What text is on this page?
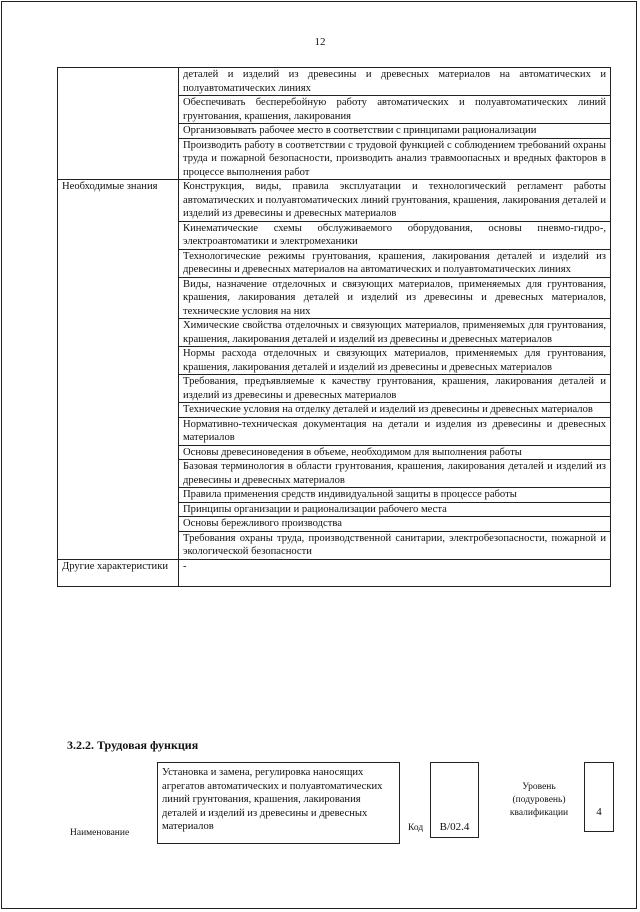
12
	деталей и изделий из древесины и древесных материалов на автоматических и полуавтоматических линиях
	Обеспечивать бесперебойную работу автоматических и полуавтоматических линий грунтования, крашения, лакирования
	Организовывать рабочее место в соответствии с принципами рационализации
	Производить работу в соответствии с трудовой функцией с соблюдением требований охраны труда и пожарной безопасности, производить анализ травмоопасных и вредных факторов в процессе выполнения работ
Необходимые знания	Конструкция, виды, правила эксплуатации и технологический регламент работы автоматических и полуавтоматических линий грунтования, крашения, лакирования деталей и изделий из древесины и древесных материалов
	Кинематические схемы обслуживаемого оборудования, основы пневмо-гидро-, электроавтоматики и электромеханики
	Технологические режимы грунтования, крашения, лакирования деталей и изделий из древесины и древесных материалов на автоматических и полуавтоматических линиях
	Виды, назначение отделочных и связующих материалов, применяемых для грунтования, крашения, лакирования деталей и изделий из древесины и древесных материалов, технические условия на них
	Химические свойства отделочных и связующих материалов, применяемых для грунтования, крашения, лакирования деталей и изделий из древесины и древесных материалов
	Нормы расхода отделочных и связующих материалов, применяемых для грунтования, крашения, лакирования деталей и изделий из древесины и древесных материалов
	Требования, предъявляемые к качеству грунтования, крашения, лакирования деталей и изделий из древесины и древесных материалов
	Технические условия на отделку деталей и изделий из древесины и древесных материалов
	Нормативно-техническая документация на детали и изделия из древесины и древесных материалов
	Основы древесиноведения в объеме, необходимом для выполнения работы
	Базовая терминология в области грунтования, крашения, лакирования деталей и изделий из древесины и древесных материалов
	Правила применения средств индивидуальной защиты в процессе работы
	Принципы организации и рационализации рабочего места
	Основы бережливого производства
	Требования охраны труда, производственной санитарии, электробезопасности, пожарной и экологической безопасности
Другие характеристики	-
3.2.2. Трудовая функция
Наименование
Установка и замена, регулировка наносящих агрегатов автоматических и полуавтоматических линий грунтования, крашения, лакирования деталей и изделий из древесины и древесных материалов	Код	B/02.4
Уровень (подуровень) квалификации	4
